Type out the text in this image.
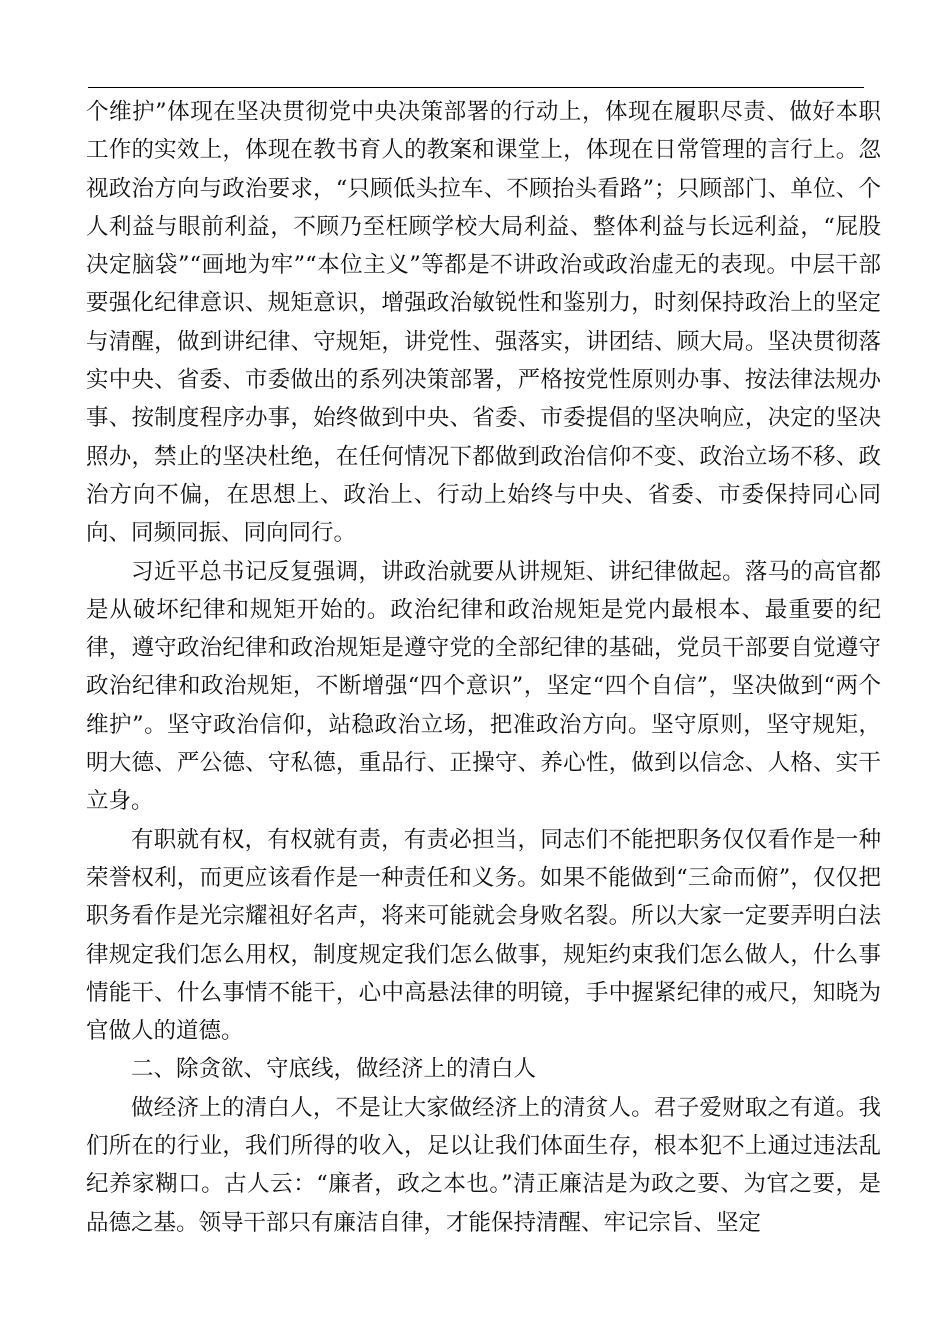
个维护”体现在坚决贯彻党中央决策部署的行动上，体现在履职尽责、做好本职工作的实效上，体现在教书育人的教案和课堂上，体现在日常管理的言行上。忽视政治方向与政治要求，“只顾低头拉车、不顾抬头看路”；只顾部门、单位、个人利益与眼前利益，不顾乃至枉顾学校大局利益、整体利益与长远利益，“屁股决定脑袋”“画地为牢”“本位主义”等都是不讲政治或政治虚无的表现。中层干部要强化纪律意识、规矩意识，增强政治敏锐性和鉴别力，时刻保持政治上的坚定与清醒，做到讲纪律、守规矩，讲党性、强落实，讲团结、顾大局。坚决贯彻落实中央、省委、市委做出的系列决策部署，严格按党性原则办事、按法律法规办事、按制度程序办事，始终做到中央、省委、市委提倡的坚决响应，决定的坚决照办，禁止的坚决杜绝，在任何情况下都做到政治信仰不变、政治立场不移、政治方向不偏，在思想上、政治上、行动上始终与中央、省委、市委保持同心同向、同频同振、同向同行。

习近平总书记反复强调，讲政治就要从讲规矩、讲纪律做起。落马的高官都是从破坏纪律和规矩开始的。政治纪律和政治规矩是党内最根本、最重要的纪律，遵守政治纪律和政治规矩是遵守党的全部纪律的基础，党员干部要自觉遵守政治纪律和政治规矩，不断增强“四个意识”，坚定“四个自信”，坚决做到“两个维护”。坚守政治信仰，站稳政治立场，把准政治方向。坚守原则，坚守规矩，明大德、严公德、守私德，重品行、正操守、养心性，做到以信念、人格、实干立身。

有职就有权，有权就有责，有责必担当，同志们不能把职务仅仅看作是一种荣誉权利，而更应该看作是一种责任和义务。如果不能做到“三命而俯”，仅仅把职务看作是光宗耀祖好名声，将来可能就会身败名裂。所以大家一定要弄明白法律规定我们怎么用权，制度规定我们怎么做事，规矩约束我们怎么做人，什么事情能干、什么事情不能干，心中高悬法律的明镜，手中握紧纪律的戒尺，知晓为官做人的道德。

二、除贪欲、守底线，做经济上的清白人

做经济上的清白人，不是让大家做经济上的清贫人。君子爱财取之有道。我们所在的行业，我们所得的收入，足以让我们体面生存，根本犯不上通过违法乱纪养家糊口。古人云：“廉者，政之本也。”清正廉洁是为政之要、为官之要，是品德之基。领导干部只有廉洁自律，才能保持清醒、牢记宗旨、坚定
